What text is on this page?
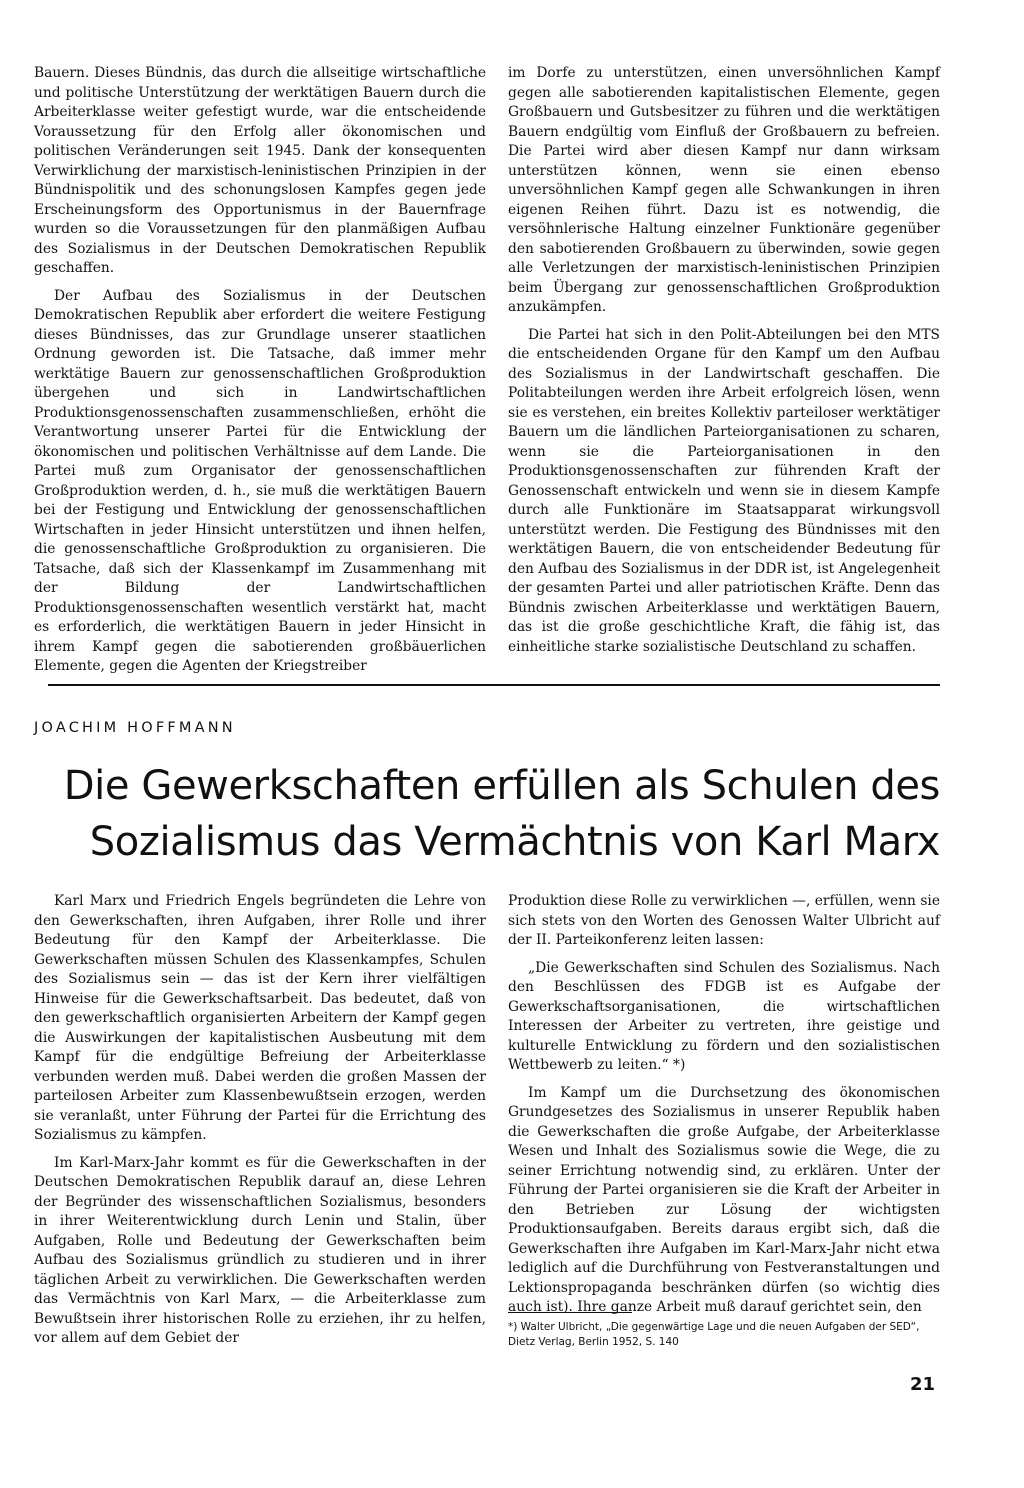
Bauern. Dieses Bündnis, das durch die allseitige wirtschaftliche und politische Unterstützung der werktätigen Bauern durch die Arbeiterklasse weiter gefestigt wurde, war die entscheidende Voraussetzung für den Erfolg aller ökonomischen und politischen Veränderungen seit 1945. Dank der konsequenten Verwirklichung der marxistisch-leninistischen Prinzipien in der Bündnispolitik und des schonungslosen Kampfes gegen jede Erscheinungsform des Opportunismus in der Bauernfrage wurden so die Voraussetzungen für den planmäßigen Aufbau des Sozialismus in der Deutschen Demokratischen Republik geschaffen.

Der Aufbau des Sozialismus in der Deutschen Demokratischen Republik aber erfordert die weitere Festigung dieses Bündnisses, das zur Grundlage unserer staatlichen Ordnung geworden ist. Die Tatsache, daß immer mehr werktätige Bauern zur genossenschaftlichen Großproduktion übergehen und sich in Landwirtschaftlichen Produktionsgenossenschaften zusammenschließen, erhöht die Verantwortung unserer Partei für die Entwicklung der ökonomischen und politischen Verhältnisse auf dem Lande. Die Partei muß zum Organisator der genossenschaftlichen Großproduktion werden, d. h., sie muß die werktätigen Bauern bei der Festigung und Entwicklung der genossenschaftlichen Wirtschaften in jeder Hinsicht unterstützen und ihnen helfen, die genossenschaftliche Großproduktion zu organisieren. Die Tatsache, daß sich der Klassenkampf im Zusammenhang mit der Bildung der Landwirtschaftlichen Produktionsgenossenschaften wesentlich verstärkt hat, macht es erforderlich, die werktätigen Bauern in jeder Hinsicht in ihrem Kampf gegen die sabotierenden großbäuerlichen Elemente, gegen die Agenten der Kriegstreiber

im Dorfe zu unterstützen, einen unversöhnlichen Kampf gegen alle sabotierenden kapitalistischen Elemente, gegen Großbauern und Gutsbesitzer zu führen und die werktätigen Bauern endgültig vom Einfluß der Großbauern zu befreien. Die Partei wird aber diesen Kampf nur dann wirksam unterstützen können, wenn sie einen ebenso unversöhnlichen Kampf gegen alle Schwankungen in ihren eigenen Reihen führt. Dazu ist es notwendig, die versöhnlerische Haltung einzelner Funktionäre gegenüber den sabotierenden Großbauern zu überwinden, sowie gegen alle Verletzungen der marxistisch-leninistischen Prinzipien beim Übergang zur genossenschaftlichen Großproduktion anzukämpfen.

Die Partei hat sich in den Polit-Abteilungen bei den MTS die entscheidenden Organe für den Kampf um den Aufbau des Sozialismus in der Landwirtschaft geschaffen. Die Politabteilungen werden ihre Arbeit erfolgreich lösen, wenn sie es verstehen, ein breites Kollektiv parteiloser werktätiger Bauern um die ländlichen Parteiorganisationen zu scharen, wenn sie die Parteiorganisationen in den Produktionsgenossenschaften zur führenden Kraft der Genossenschaft entwickeln und wenn sie in diesem Kampfe durch alle Funktionäre im Staatsapparat wirkungsvoll unterstützt werden. Die Festigung des Bündnisses mit den werktätigen Bauern, die von entscheidender Bedeutung für den Aufbau des Sozialismus in der DDR ist, ist Angelegenheit der gesamten Partei und aller patriotischen Kräfte. Denn das Bündnis zwischen Arbeiterklasse und werktätigen Bauern, das ist die große geschichtliche Kraft, die fähig ist, das einheitliche starke sozialistische Deutschland zu schaffen.

JOACHIM HOFFMANN
Die Gewerkschaften erfüllen als Schulen des
Sozialismus das Vermächtnis von Karl Marx

Karl Marx und Friedrich Engels begründeten die Lehre von den Gewerkschaften, ihren Aufgaben, ihrer Rolle und ihrer Bedeutung für den Kampf der Arbeiterklasse. Die Gewerkschaften müssen Schulen des Klassenkampfes, Schulen des Sozialismus sein — das ist der Kern ihrer vielfältigen Hinweise für die Gewerkschaftsarbeit. Das bedeutet, daß von den gewerkschaftlich organisierten Arbeitern der Kampf gegen die Auswirkungen der kapitalistischen Ausbeutung mit dem Kampf für die endgültige Befreiung der Arbeiterklasse verbunden werden muß. Dabei werden die großen Massen der parteilosen Arbeiter zum Klassenbewußtsein erzogen, werden sie veranlaßt, unter Führung der Partei für die Errichtung des Sozialismus zu kämpfen.

Im Karl-Marx-Jahr kommt es für die Gewerkschaften in der Deutschen Demokratischen Republik darauf an, diese Lehren der Begründer des wissenschaftlichen Sozialismus, besonders in ihrer Weiterentwicklung durch Lenin und Stalin, über Aufgaben, Rolle und Bedeutung der Gewerkschaften beim Aufbau des Sozialismus gründlich zu studieren und in ihrer täglichen Arbeit zu verwirklichen. Die Gewerkschaften werden das Vermächtnis von Karl Marx, — die Arbeiterklasse zum Bewußtsein ihrer historischen Rolle zu erziehen, ihr zu helfen, vor allem auf dem Gebiet der

Produktion diese Rolle zu verwirklichen —, erfüllen, wenn sie sich stets von den Worten des Genossen Walter Ulbricht auf der II. Parteikonferenz leiten lassen:

„Die Gewerkschaften sind Schulen des Sozialismus. Nach den Beschlüssen des FDGB ist es Aufgabe der Gewerkschaftsorganisationen, die wirtschaftlichen Interessen der Arbeiter zu vertreten, ihre geistige und kulturelle Entwicklung zu fördern und den sozialistischen Wettbewerb zu leiten.“ *)

Im Kampf um die Durchsetzung des ökonomischen Grundgesetzes des Sozialismus in unserer Republik haben die Gewerkschaften die große Aufgabe, der Arbeiterklasse Wesen und Inhalt des Sozialismus sowie die Wege, die zu seiner Errichtung notwendig sind, zu erklären. Unter der Führung der Partei organisieren sie die Kraft der Arbeiter in den Betrieben zur Lösung der wichtigsten Produktionsaufgaben. Bereits daraus ergibt sich, daß die Gewerkschaften ihre Aufgaben im Karl-Marx-Jahr nicht etwa lediglich auf die Durchführung von Festveranstaltungen und Lektionspropaganda beschränken dürfen (so wichtig dies auch ist). Ihre ganze Arbeit muß darauf gerichtet sein, den

*) Walter Ulbricht, „Die gegenwärtige Lage und die neuen Aufgaben der SED“, Dietz Verlag, Berlin 1952, S. 140
21
